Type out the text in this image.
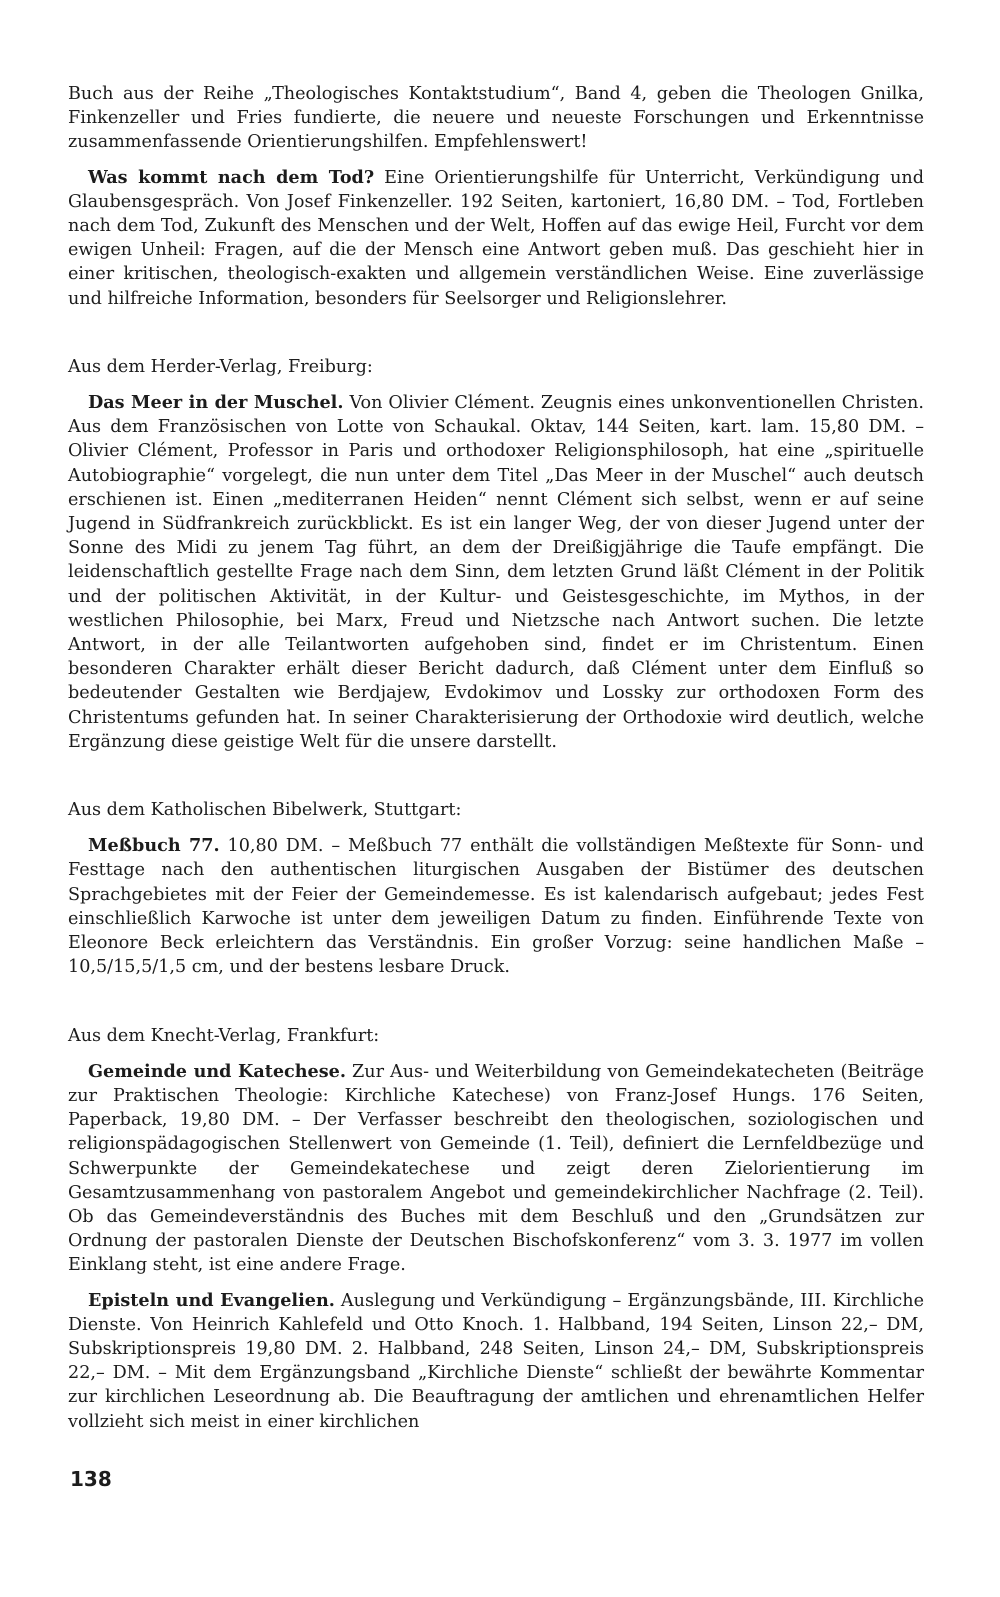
Buch aus der Reihe „Theologisches Kontaktstudium“, Band 4, geben die Theologen Gnilka, Finkenzeller und Fries fundierte, die neuere und neueste Forschungen und Erkenntnisse zusammenfassende Orientierungshilfen. Empfehlenswert!

Was kommt nach dem Tod? Eine Orientierungshilfe für Unterricht, Verkündigung und Glaubensgespräch. Von Josef Finkenzeller. 192 Seiten, kartoniert, 16,80 DM. – Tod, Fortleben nach dem Tod, Zukunft des Menschen und der Welt, Hoffen auf das ewige Heil, Furcht vor dem ewigen Unheil: Fragen, auf die der Mensch eine Antwort geben muß. Das geschieht hier in einer kritischen, theologisch-exakten und allgemein verständlichen Weise. Eine zuverlässige und hilfreiche Information, besonders für Seelsorger und Religionslehrer.

Aus dem Herder-Verlag, Freiburg:

Das Meer in der Muschel. Von Olivier Clément. Zeugnis eines unkonventionellen Christen. Aus dem Französischen von Lotte von Schaukal. Oktav, 144 Seiten, kart. lam. 15,80 DM. – Olivier Clément, Professor in Paris und orthodoxer Religionsphilosoph, hat eine „spirituelle Autobiographie“ vorgelegt, die nun unter dem Titel „Das Meer in der Muschel“ auch deutsch erschienen ist. Einen „mediterranen Heiden“ nennt Clément sich selbst, wenn er auf seine Jugend in Südfrankreich zurückblickt. Es ist ein langer Weg, der von dieser Jugend unter der Sonne des Midi zu jenem Tag führt, an dem der Dreißigjährige die Taufe empfängt. Die leidenschaftlich gestellte Frage nach dem Sinn, dem letzten Grund läßt Clément in der Politik und der politischen Aktivität, in der Kultur- und Geistesgeschichte, im Mythos, in der westlichen Philosophie, bei Marx, Freud und Nietzsche nach Antwort suchen. Die letzte Antwort, in der alle Teilantworten aufgehoben sind, findet er im Christentum. Einen besonderen Charakter erhält dieser Bericht dadurch, daß Clément unter dem Einfluß so bedeutender Gestalten wie Berdjajew, Evdokimov und Lossky zur orthodoxen Form des Christentums gefunden hat. In seiner Charakterisierung der Orthodoxie wird deutlich, welche Ergänzung diese geistige Welt für die unsere darstellt.

Aus dem Katholischen Bibelwerk, Stuttgart:

Meßbuch 77. 10,80 DM. – Meßbuch 77 enthält die vollständigen Meßtexte für Sonn- und Festtage nach den authentischen liturgischen Ausgaben der Bistümer des deutschen Sprachgebietes mit der Feier der Gemeindemesse. Es ist kalendarisch aufgebaut; jedes Fest einschließlich Karwoche ist unter dem jeweiligen Datum zu finden. Einführende Texte von Eleonore Beck erleichtern das Verständnis. Ein großer Vorzug: seine handlichen Maße – 10,5/15,5/1,5 cm, und der bestens lesbare Druck.

Aus dem Knecht-Verlag, Frankfurt:

Gemeinde und Katechese. Zur Aus- und Weiterbildung von Gemeindekatecheten (Beiträge zur Praktischen Theologie: Kirchliche Katechese) von Franz-Josef Hungs. 176 Seiten, Paperback, 19,80 DM. – Der Verfasser beschreibt den theologischen, soziologischen und religionspädagogischen Stellenwert von Gemeinde (1. Teil), definiert die Lernfeldbezüge und Schwerpunkte der Gemeindekatechese und zeigt deren Zielorientierung im Gesamtzusammenhang von pastoralem Angebot und gemeindekirchlicher Nachfrage (2. Teil). Ob das Gemeindeverständnis des Buches mit dem Beschluß und den „Grundsätzen zur Ordnung der pastoralen Dienste der Deutschen Bischofskonferenz“ vom 3. 3. 1977 im vollen Einklang steht, ist eine andere Frage.

Episteln und Evangelien. Auslegung und Verkündigung – Ergänzungsbände, III. Kirchliche Dienste. Von Heinrich Kahlefeld und Otto Knoch. 1. Halbband, 194 Seiten, Linson 22,– DM, Subskriptionspreis 19,80 DM. 2. Halbband, 248 Seiten, Linson 24,– DM, Subskriptionspreis 22,– DM. – Mit dem Ergänzungsband „Kirchliche Dienste“ schließt der bewährte Kommentar zur kirchlichen Leseordnung ab. Die Beauftragung der amtlichen und ehrenamtlichen Helfer vollzieht sich meist in einer kirchlichen

138
